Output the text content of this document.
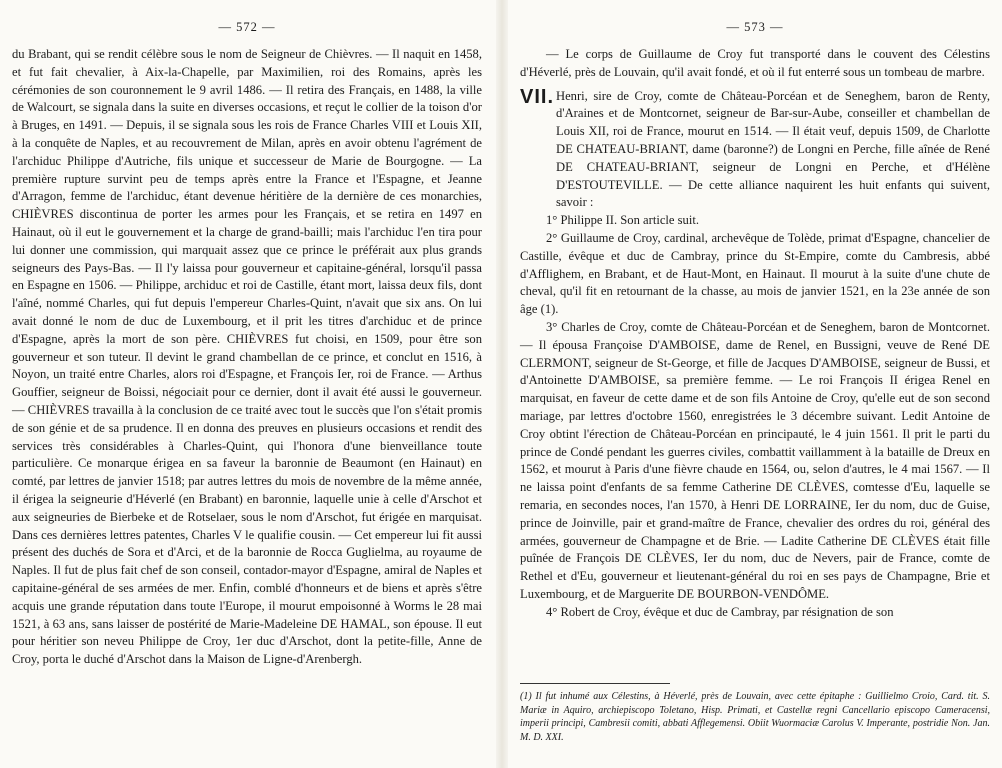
— 572 —

du Brabant, qui se rendit célèbre sous le nom de Seigneur de Chièvres. — Il naquit en 1458, et fut fait chevalier, à Aix-la-Chapelle, par Maximilien, roi des Romains, après les cérémonies de son couronnement le 9 avril 1486. — Il retira des Français, en 1488, la ville de Walcourt, se signala dans la suite en diverses occasions, et reçut le collier de la toison d'or à Bruges, en 1491. — Depuis, il se signala sous les rois de France Charles VIII et Louis XII, à la conquête de Naples, et au recouvrement de Milan, après en avoir obtenu l'agrément de l'archiduc Philippe d'Autriche, fils unique et successeur de Marie de Bourgogne. — La première rupture survint peu de temps après entre la France et l'Espagne, et Jeanne d'Arragon, femme de l'archiduc, étant devenue héritière de la dernière de ces monarchies, CHIÈVRES discontinua de porter les armes pour les Français, et se retira en 1497 en Hainaut, où il eut le gouvernement et la charge de grand-bailli; mais l'archiduc l'en tira pour lui donner une commission, qui marquait assez que ce prince le préférait aux plus grands seigneurs des Pays-Bas. — Il l'y laissa pour gouverneur et capitaine-général, lorsqu'il passa en Espagne en 1506. — Philippe, archiduc et roi de Castille, étant mort, laissa deux fils, dont l'aîné, nommé Charles, qui fut depuis l'empereur Charles-Quint, n'avait que six ans. On lui avait donné le nom de duc de Luxembourg, et il prit les titres d'archiduc et de prince d'Espagne, après la mort de son père. CHIÈVRES fut choisi, en 1509, pour être son gouverneur et son tuteur. Il devint le grand chambellan de ce prince, et conclut en 1516, à Noyon, un traité entre Charles, alors roi d'Espagne, et François Ier, roi de France. — Arthus Gouffier, seigneur de Boissi, négociait pour ce dernier, dont il avait été aussi le gouverneur. — CHIÈVRES travailla à la conclusion de ce traité avec tout le succès que l'on s'était promis de son génie et de sa prudence. Il en donna des preuves en plusieurs occasions et rendit des services très considérables à Charles-Quint, qui l'honora d'une bienveillance toute particulière. Ce monarque érigea en sa faveur la baronnie de Beaumont (en Hainaut) en comté, par lettres de janvier 1518; par autres lettres du mois de novembre de la même année, il érigea la seigneurie d'Héverlé (en Brabant) en baronnie, laquelle unie à celle d'Arschot et aux seigneuries de Bierbeke et de Rotselaer, sous le nom d'Arschot, fut érigée en marquisat. Dans ces dernières lettres patentes, Charles V le qualifie cousin. — Cet empereur lui fit aussi présent des duchés de Sora et d'Arci, et de la baronnie de Rocca Guglielma, au royaume de Naples. Il fut de plus fait chef de son conseil, contador-mayor d'Espagne, amiral de Naples et capitaine-général de ses armées de mer. Enfin, comblé d'honneurs et de biens et après s'être acquis une grande réputation dans toute l'Europe, il mourut empoisonné à Worms le 28 mai 1521, à 63 ans, sans laisser de postérité de Marie-Madeleine DE HAMAL, son épouse. Il eut pour héritier son neveu Philippe de Croy, 1er duc d'Arschot, dont la petite-fille, Anne de Croy, porta le duché d'Arschot dans la Maison de Ligne-d'Arenbergh.

— 573 —

— Le corps de Guillaume de Croy fut transporté dans le couvent des Célestins d'Héverlé, près de Louvain, qu'il avait fondé, et où il fut enterré sous un tombeau de marbre.

VII. Henri, sire de Croy, comte de Château-Porcéan et de Seneghem, baron de Renty, d'Araines et de Montcornet, seigneur de Bar-sur-Aube, conseiller et chambellan de Louis XII, roi de France, mourut en 1514. — Il était veuf, depuis 1509, de Charlotte DE CHATEAU-BRIANT, dame (baronne?) de Longni en Perche, fille aînée de René DE CHATEAU-BRIANT, seigneur de Longni en Perche, et d'Hélène D'ESTOUTEVILLE. — De cette alliance naquirent les huit enfants qui suivent, savoir :

1° Philippe II. Son article suit.

2° Guillaume de Croy, cardinal, archevêque de Tolède, primat d'Espagne, chancelier de Castille, évêque et duc de Cambray, prince du St-Empire, comte du Cambresis, abbé d'Afflighem, en Brabant, et de Haut-Mont, en Hainaut. Il mourut à la suite d'une chute de cheval, qu'il fit en retournant de la chasse, au mois de janvier 1521, en la 23e année de son âge (1).

3° Charles de Croy, comte de Château-Porcéan et de Seneghem, baron de Montcornet. — Il épousa Françoise D'AMBOISE, dame de Renel, en Bussigni, veuve de René DE CLERMONT, seigneur de St-George, et fille de Jacques D'AMBOISE, seigneur de Bussi, et d'Antoinette D'AMBOISE, sa première femme. — Le roi François II érigea Renel en marquisat, en faveur de cette dame et de son fils Antoine de Croy, qu'elle eut de son second mariage, par lettres d'octobre 1560, enregistrées le 3 décembre suivant. Ledit Antoine de Croy obtint l'érection de Château-Porcéan en principauté, le 4 juin 1561. Il prit le parti du prince de Condé pendant les guerres civiles, combattit vaillamment à la bataille de Dreux en 1562, et mourut à Paris d'une fièvre chaude en 1564, ou, selon d'autres, le 4 mai 1567. — Il ne laissa point d'enfants de sa femme Catherine DE CLÈVES, comtesse d'Eu, laquelle se remaria, en secondes noces, l'an 1570, à Henri DE LORRAINE, Ier du nom, duc de Guise, prince de Joinville, pair et grand-maître de France, chevalier des ordres du roi, général des armées, gouverneur de Champagne et de Brie. — Ladite Catherine DE CLÈVES était fille puînée de François DE CLÈVES, Ier du nom, duc de Nevers, pair de France, comte de Rethel et d'Eu, gouverneur et lieutenant-général du roi en ses pays de Champagne, Brie et Luxembourg, et de Marguerite DE BOURBON-VENDÔME.

4° Robert de Croy, évêque et duc de Cambray, par résignation de son

(1) Il fut inhumé aux Célestins, à Héverlé, près de Louvain, avec cette épitaphe : Guillielmo Croio, Card. tit. S. Mariæ in Aquiro, archiepiscopo Toletano, Hisp. Primati, et Castellæ regni Cancellario episcopo Cameracensi, imperii principi, Cambresii comiti, abbati Afflegemensi. Obiit Wuormaciæ Carolus V. Imperante, postridie Non. Jan. M. D. XXI.
